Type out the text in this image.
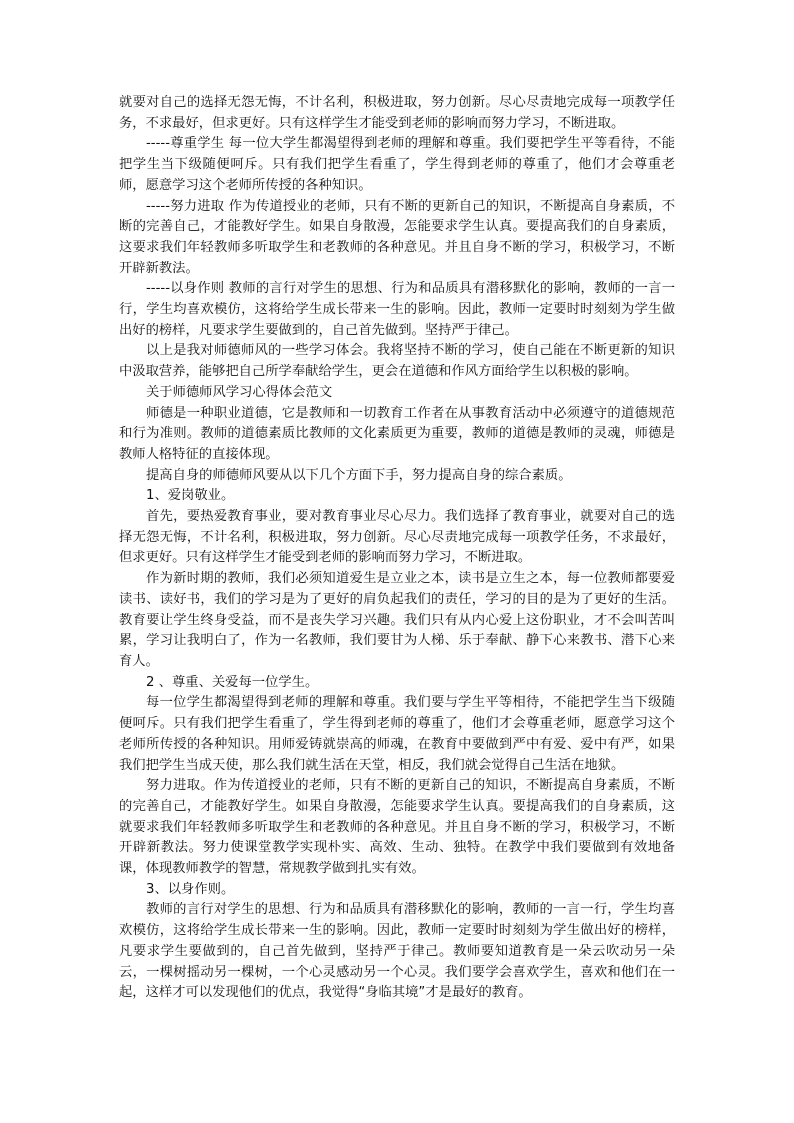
就要对自己的选择无怨无悔，不计名利，积极进取，努力创新。尽心尽责地完成每一项教学任务，不求最好，但求更好。只有这样学生才能受到老师的影响而努力学习，不断进取。

-----尊重学生 每一位大学生都渴望得到老师的理解和尊重。我们要把学生平等看待，不能把学生当下级随便呵斥。只有我们把学生看重了，学生得到老师的尊重了，他们才会尊重老师，愿意学习这个老师所传授的各种知识。

-----努力进取 作为传道授业的老师，只有不断的更新自己的知识，不断提高自身素质，不断的完善自己，才能教好学生。如果自身散漫，怎能要求学生认真。要提高我们的自身素质，这要求我们年轻教师多听取学生和老教师的各种意见。并且自身不断的学习，积极学习，不断开辟新教法。

-----以身作则 教师的言行对学生的思想、行为和品质具有潜移默化的影响，教师的一言一行，学生均喜欢模仿，这将给学生成长带来一生的影响。因此，教师一定要时时刻刻为学生做出好的榜样，凡要求学生要做到的，自己首先做到。坚持严于律己。

以上是我对师德师风的一些学习体会。我将坚持不断的学习，使自己能在不断更新的知识中汲取营养，能够把自己所学奉献给学生，更会在道德和作风方面给学生以积极的影响。

关于师德师风学习心得体会范文

师德是一种职业道德，它是教师和一切教育工作者在从事教育活动中必须遵守的道德规范和行为准则。教师的道德素质比教师的文化素质更为重要，教师的道德是教师的灵魂，师德是教师人格特征的直接体现。

提高自身的师德师风要从以下几个方面下手，努力提高自身的综合素质。

1、爱岗敬业。

首先，要热爱教育事业，要对教育事业尽心尽力。我们选择了教育事业，就要对自己的选择无怨无悔，不计名利，积极进取，努力创新。尽心尽责地完成每一项教学任务，不求最好，但求更好。只有这样学生才能受到老师的影响而努力学习，不断进取。

作为新时期的教师，我们必须知道爱生是立业之本，读书是立生之本，每一位教师都要爱读书、读好书，我们的学习是为了更好的肩负起我们的责任，学习的目的是为了更好的生活。教育要让学生终身受益，而不是丧失学习兴趣。我们只有从内心爱上这份职业，才不会叫苦叫累，学习让我明白了，作为一名教师，我们要甘为人梯、乐于奉献、静下心来教书、潜下心来育人。

2 、尊重、关爱每一位学生。

每一位学生都渴望得到老师的理解和尊重。我们要与学生平等相待，不能把学生当下级随便呵斥。只有我们把学生看重了，学生得到老师的尊重了，他们才会尊重老师，愿意学习这个老师所传授的各种知识。用师爱铸就崇高的师魂，在教育中要做到严中有爱、爱中有严，如果我们把学生当成天使，那么我们就生活在天堂，相反，我们就会觉得自己生活在地狱。

努力进取。作为传道授业的老师，只有不断的更新自己的知识，不断提高自身素质，不断的完善自己，才能教好学生。如果自身散漫，怎能要求学生认真。要提高我们的自身素质，这就要求我们年轻教师多听取学生和老教师的各种意见。并且自身不断的学习，积极学习，不断开辟新教法。努力使课堂教学实现朴实、高效、生动、独特。在教学中我们要做到有效地备课，体现教师教学的智慧，常规教学做到扎实有效。

3、以身作则。

教师的言行对学生的思想、行为和品质具有潜移默化的影响，教师的一言一行，学生均喜欢模仿，这将给学生成长带来一生的影响。因此，教师一定要时时刻刻为学生做出好的榜样，凡要求学生要做到的，自己首先做到，坚持严于律己。教师要知道教育是一朵云吹动另一朵云，一棵树摇动另一棵树，一个心灵感动另一个心灵。我们要学会喜欢学生，喜欢和他们在一起，这样才可以发现他们的优点，我觉得“身临其境”才是最好的教育。
